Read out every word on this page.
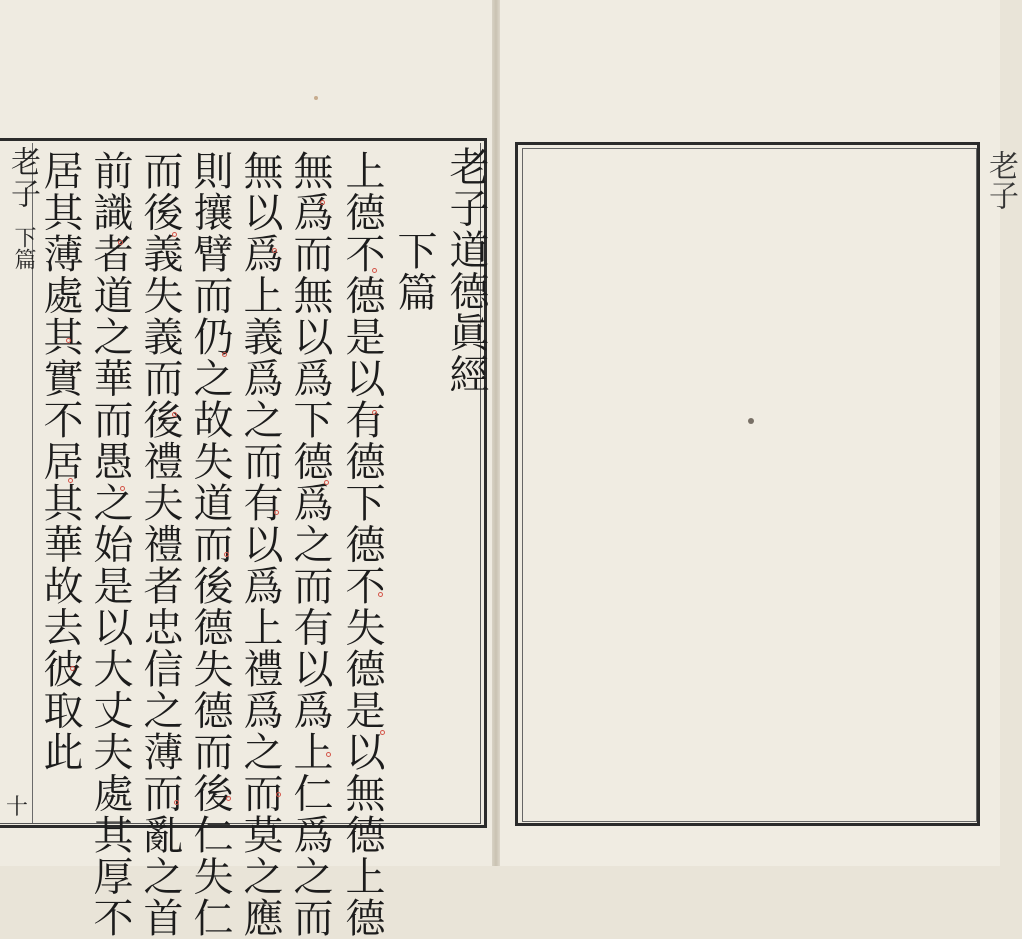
老子
下篇
十
老子道德眞經
下篇
上德不德是以有德下德不失德是以無德上德
無爲而無以爲下德爲之而有以爲上仁爲之而
無以爲上義爲之而有以爲上禮爲之而莫之應
則攘臂而仍之故失道而後德失德而後仁失仁
而後義失義而後禮夫禮者忠信之薄而亂之首
前識者道之華而愚之始是以大丈夫處其厚不
居其薄處其實不居其華故去彼取此
　　　	老子
